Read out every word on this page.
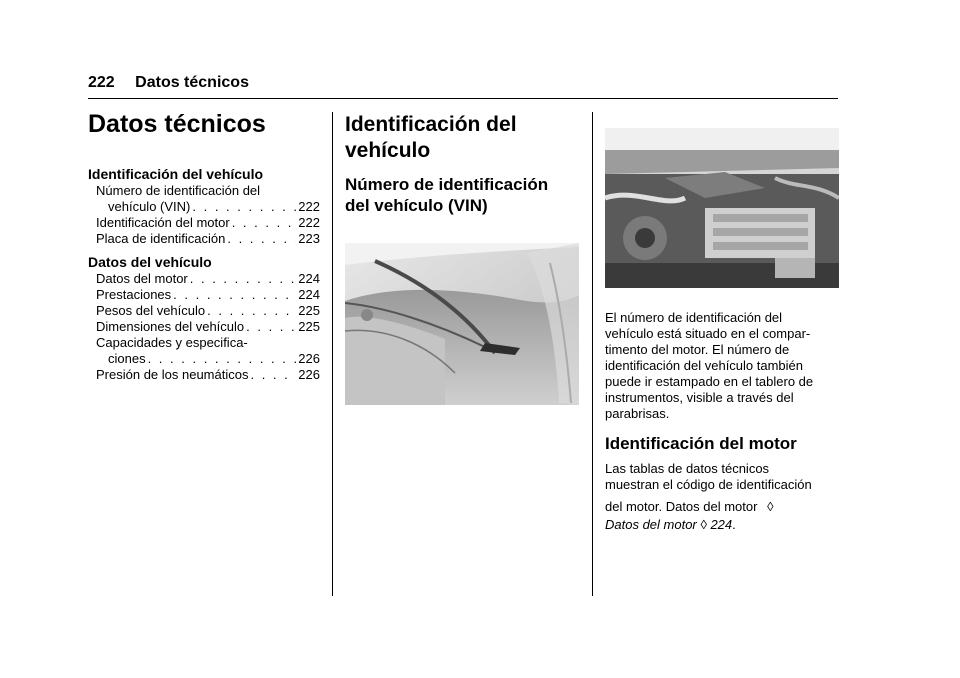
222 Datos técnicos
Datos técnicos
Identificación del vehículo
Número de identificación del
vehículo (VIN) . . .	222
Identificación del motor . . .	222
Placa de identificación . . .	223
Datos del vehículo
Datos del motor . . .	224
Prestaciones . . .	224
Pesos del vehículo . . .	225
Dimensiones del vehículo . . .	225
Capacidades y especifica-
ciones . . .	226
Presión de los neumáticos . . .	226
Identificación del
vehículo
Número de identificación
del vehículo (VIN)
El número de identificación del
vehículo está situado en el compar-
timento del motor. El número de
identificación del vehículo también
puede ir estampado en el tablero de
instrumentos, visible a través del
parabrisas.
Identificación del motor
Las tablas de datos técnicos
muestran el código de identificación
del motor. Datos del motor ◊
Datos del motor ◊ 224.
